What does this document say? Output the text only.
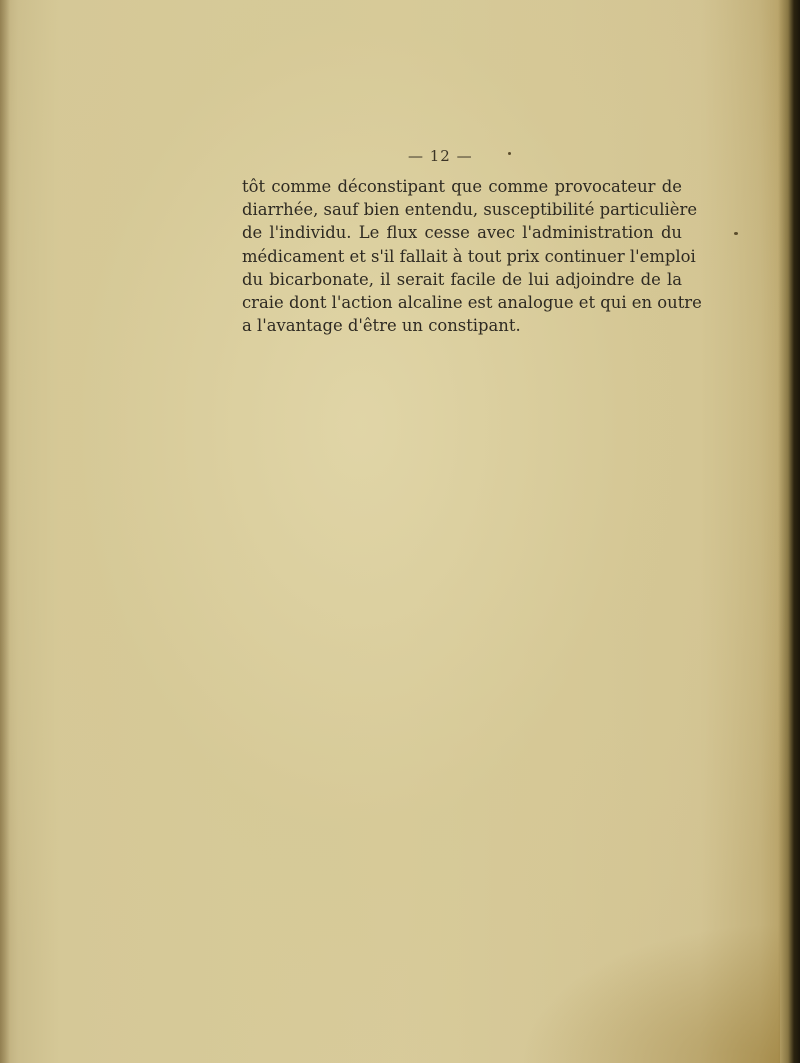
— 12 —
tôt comme déconstipant que comme provocateur de
diarrhée, sauf bien entendu, susceptibilité particulière
de l'individu. Le flux cesse avec l'administration du
médicament et s'il fallait à tout prix continuer l'emploi
du bicarbonate, il serait facile de lui adjoindre de la
craie dont l'action alcaline est analogue et qui en outre
a l'avantage d'être un constipant.
